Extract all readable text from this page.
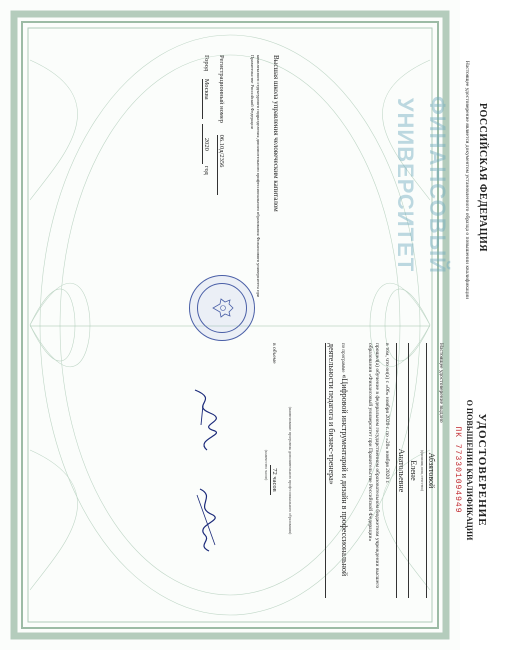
РОССИЙСКАЯ ФЕДЕРАЦИЯ
Настоящее удостоверение является документом установленного образца о повышении квалификации
ФИНАНСОВЫЙ
УНИВЕРСИТЕТ
Высшая школа управления человеческим капиталом
комплексного структурного подразделения дополнительного профессионального образования Финансового университета при Правительстве Российской Федерации
Регистрационный номер 06.10д/2356
Город Москва 2020 год
УДОСТОВЕРЕНИЕ
О ПОВЫШЕНИИ КВАЛИФИКАЦИИ
ПК 773301094949
Настоящее удостоверение выдано
Абзятовой
(фамилия, имя, отчество)
Елене
Анатольевне
в том, что он(а) с «06» ноября 2020 г. по «20» ноября 2020 г.
прошел(а) обучение в федеральном государственном образовательном бюджетном учреждении высшего образования «Финансовый университет при Правительстве Российской Федерации»
по программе «Цифровой инструментарий и дизайн в профессиональной деятельности педагога и бизнес-тренера»
(наименование программы дополнительного профессионального образования)
в объеме 72 часов
(количество часов)
